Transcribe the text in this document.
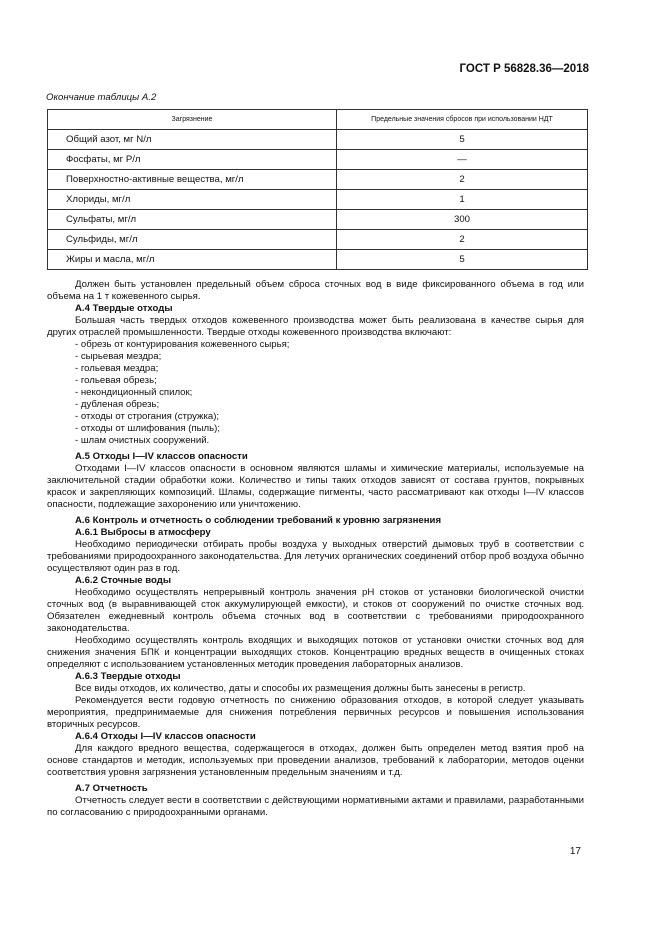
ГОСТ Р 56828.36—2018
Окончание таблицы А.2
Загрязнение	Предельные значения сбросов при использовании НДТ
Общий азот, мг N/л	5
Фосфаты, мг P/л	—
Поверхностно-активные вещества, мг/л	2
Хлориды, мг/л	1
Сульфаты, мг/л	300
Сульфиды, мг/л	2
Жиры и масла, мг/л	5

Должен быть установлен предельный объем сброса сточных вод в виде фиксированного объема в год или объема на 1 т кожевенного сырья.

А.4 Твердые отходы

Большая часть твердых отходов кожевенного производства может быть реализована в качестве сырья для других отраслей промышленности. Твердые отходы кожевенного производства включают:

- обрезь от контурирования кожевенного сырья;
- сырьевая мездра;
- гольевая мездра;
- гольевая обрезь;
- некондиционный спилок;
- дубленая обрезь;
- отходы от строгания (стружка);
- отходы от шлифования (пыль);
- шлам очистных сооружений.
А.5 Отходы I—IV классов опасности

Отходами I—IV классов опасности в основном являются шламы и химические материалы, используемые на заключительной стадии обработки кожи. Количество и типы таких отходов зависят от состава грунтов, покрывных красок и закрепляющих композиций. Шламы, содержащие пигменты, часто рассматривают как отходы I—IV классов опасности, подлежащие захоронению или уничтожению.

А.6 Контроль и отчетность о соблюдении требований к уровню загрязнения
А.6.1 Выбросы в атмосферу

Необходимо периодически отбирать пробы воздуха у выходных отверстий дымовых труб в соответствии с требованиями природоохранного законодательства. Для летучих органических соединений отбор проб воздуха обычно осуществляют один раз в год.

А.6.2 Сточные воды

Необходимо осуществлять непрерывный контроль значения pH стоков от установки биологической очистки сточных вод (в выравнивающей сток аккумулирующей емкости), и стоков от сооружений по очистке сточных вод. Обязателен ежедневный контроль объема сточных вод в соответствии с требованиями природоохранного законодательства.

Необходимо осуществлять контроль входящих и выходящих потоков от установки очистки сточных вод для снижения значения БПК и концентрации выходящих стоков. Концентрацию вредных веществ в очищенных стоках определяют с использованием установленных методик проведения лабораторных анализов.

А.6.3 Твердые отходы

Все виды отходов, их количество, даты и способы их размещения должны быть занесены в регистр.

Рекомендуется вести годовую отчетность по снижению образования отходов, в которой следует указывать мероприятия, предпринимаемые для снижения потребления первичных ресурсов и повышения использования вторичных ресурсов.

А.6.4 Отходы I—IV классов опасности

Для каждого вредного вещества, содержащегося в отходах, должен быть определен метод взятия проб на основе стандартов и методик, используемых при проведении анализов, требований к лаборатории, методов оценки соответствия уровня загрязнения установленным предельным значениям и т.д.

А.7 Отчетность

Отчетность следует вести в соответствии с действующими нормативными актами и правилами, разработанными по согласованию с природоохранными органами.

17
